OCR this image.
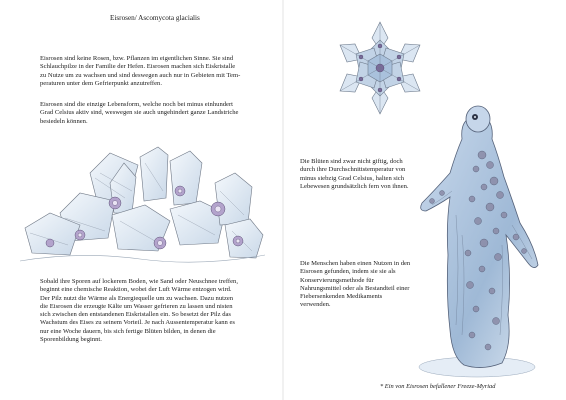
Eisrosen/ Ascomycota glacialis

Eisrosen sind keine Rosen, bzw. Pflanzen im eigentlichen Sinne. Sie sind
Schlauchpilze in der Familie der Hefen. Eisrosen machen sich Eiskristalle
zu Nutze um zu wachsen und sind deswegen auch nur in Gebieten mit Tem-
peraturen unter dem Gefrierpunkt anzutreffen.

Eisrosen sind die einzige Lebensform, welche noch bei minus einhundert
Grad Celsius aktiv sind, weswegen sie auch ungehindert ganze Landstriche
besiedeln können.

Sobald ihre Sporen auf lockerem Boden, wie Sand oder Neuschnee treffen,
beginnt eine chemische Reaktion, wobei der Luft Wärme entzogen wird.
Der Pilz nutzt die Wärme als Energiequelle um zu wachsen. Dazu nutzen
die Eisrosen die erzeugte Kälte um Wasser gefrieren zu lassen und nisten
sich zwischen den entstandenen Eiskristallen ein. So besetzt der Pilz das
Wachstum des Eises zu seinem Vorteil. Je nach Aussentemperatur kann es
nur eine Woche dauern, bis sich fertige Blüten bilden, in denen die
Sporenbildung beginnt.

Die Blüten sind zwar nicht giftig, doch
durch ihre Durchschnittstemperatur von
minus siebzig Grad Celsius, halten sich
Lebewesen grundsätzlich fern von ihnen.

Die Menschen haben einen Nutzen in den
Eisrosen gefunden, indem sie sie als
Konservierungsmethode für
Nahrungsmittel oder als Bestandteil einer
Fiebersenkenden Medikaments
verwenden.

* Ein von Eisrosen befallener Freeze-Myriad
